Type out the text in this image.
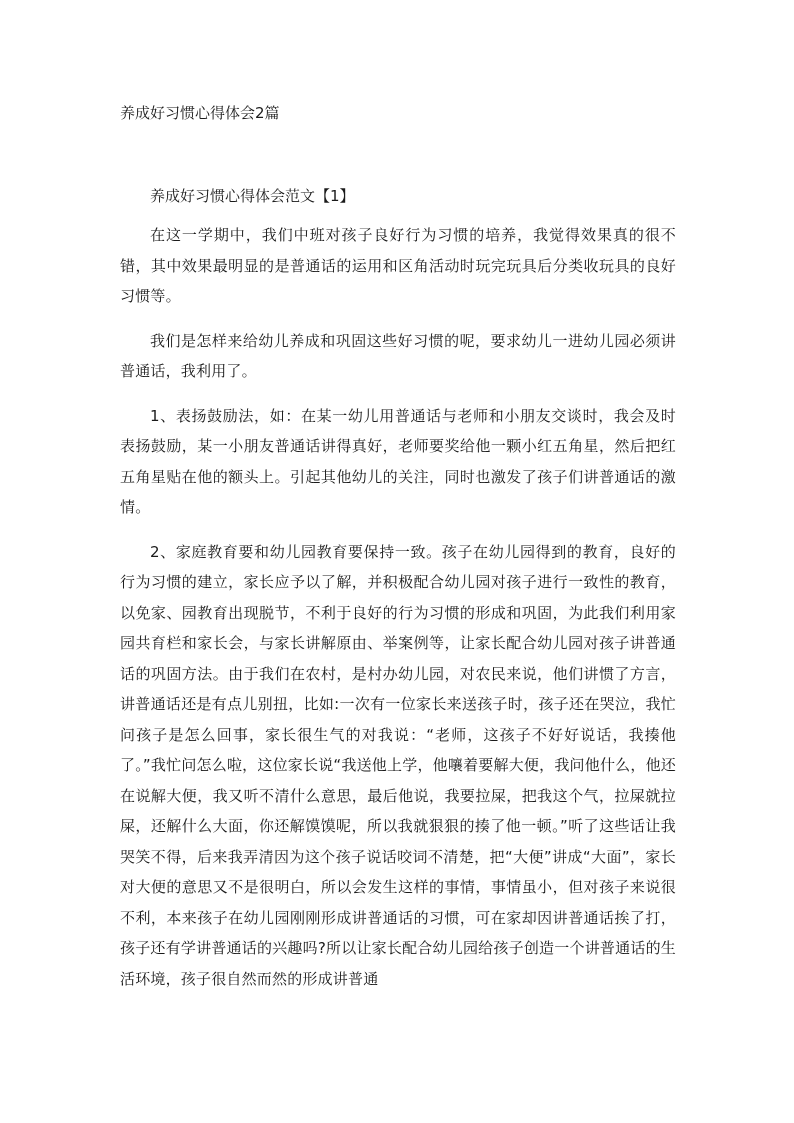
养成好习惯心得体会2篇
养成好习惯心得体会范文【1】

在这一学期中，我们中班对孩子良好行为习惯的培养，我觉得效果真的很不错，其中效果最明显的是普通话的运用和区角活动时玩完玩具后分类收玩具的良好习惯等。

我们是怎样来给幼儿养成和巩固这些好习惯的呢，要求幼儿一进幼儿园必须讲普通话，我利用了。

1、表扬鼓励法，如：在某一幼儿用普通话与老师和小朋友交谈时，我会及时表扬鼓励，某一小朋友普通话讲得真好，老师要奖给他一颗小红五角星，然后把红五角星贴在他的额头上。引起其他幼儿的关注，同时也激发了孩子们讲普通话的激情。

2、家庭教育要和幼儿园教育要保持一致。孩子在幼儿园得到的教育，良好的行为习惯的建立，家长应予以了解，并积极配合幼儿园对孩子进行一致性的教育，以免家、园教育出现脱节，不利于良好的行为习惯的形成和巩固，为此我们利用家园共育栏和家长会，与家长讲解原由、举案例等，让家长配合幼儿园对孩子讲普通话的巩固方法。由于我们在农村，是村办幼儿园，对农民来说，他们讲惯了方言，讲普通话还是有点儿别扭，比如:一次有一位家长来送孩子时，孩子还在哭泣，我忙问孩子是怎么回事，家长很生气的对我说：“老师，这孩子不好好说话，我揍他了。”我忙问怎么啦，这位家长说“我送他上学，他嚷着要解大便，我问他什么，他还在说解大便，我又听不清什么意思，最后他说，我要拉屎，把我这个气，拉屎就拉屎，还解什么大面，你还解馍馍呢，所以我就狠狠的揍了他一顿。”听了这些话让我哭笑不得，后来我弄清因为这个孩子说话咬词不清楚，把“大便”讲成“大面”，家长对大便的意思又不是很明白，所以会发生这样的事情，事情虽小，但对孩子来说很不利，本来孩子在幼儿园刚刚形成讲普通话的习惯，可在家却因讲普通话挨了打，孩子还有学讲普通话的兴趣吗?所以让家长配合幼儿园给孩子创造一个讲普通话的生活环境，孩子很自然而然的形成讲普通
